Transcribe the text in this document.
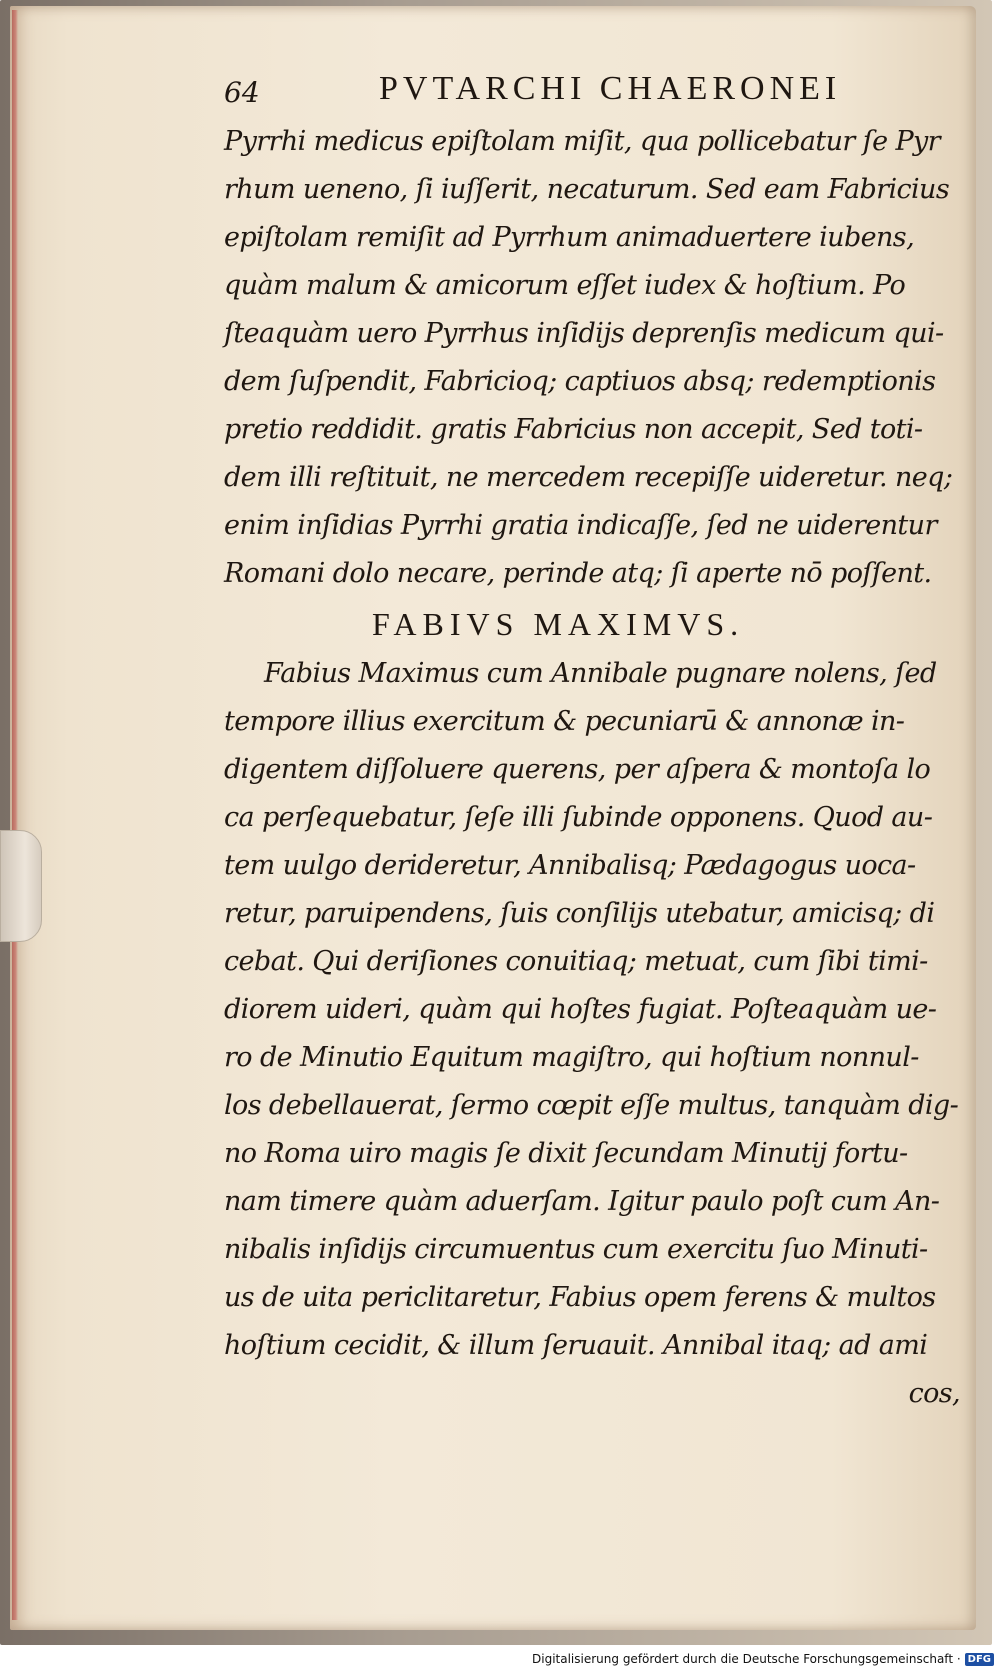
64	PVTARCHI CHAERONEI
Pyrrhi medicus epiſtolam miſit, qua pollicebatur ſe Pyr
rhum ueneno, ſi iuſſerit, necaturum. Sed eam Fabricius
epiſtolam remiſit ad Pyrrhum animaduertere iubens,
quàm malum & amicorum eſſet iudex & hoſtium. Po
ſteaquàm uero Pyrrhus inſidijs deprenſis medicum qui-
dem ſuſpendit, Fabricioq; captiuos absq; redemptionis
pretio reddidit. gratis Fabricius non accepit, Sed toti-
dem illi reſtituit, ne mercedem recepiſſe uideretur. neq;
enim inſidias Pyrrhi gratia indicaſſe, ſed ne uiderentur
Romani dolo necare, perinde atq; ſi aperte nō poſſent.
FABIVS MAXIMVS.
Fabius Maximus cum Annibale pugnare nolens, ſed
tempore illius exercitum & pecuniarū & annonæ in-
digentem diſſoluere querens, per aſpera & montoſa lo
ca perſequebatur, ſeſe illi ſubinde opponens. Quod au-
tem uulgo derideretur, Annibalisq; Pædagogus uoca-
retur, paruipendens, ſuis conſilijs utebatur, amicisq; di
cebat. Qui deriſiones conuitiaq; metuat, cum ſibi timi-
diorem uideri, quàm qui hoſtes fugiat. Poſteaquàm ue-
ro de Minutio Equitum magiſtro, qui hoſtium nonnul-
los debellauerat, ſermo cœpit eſſe multus, tanquàm dig-
no Roma uiro magis ſe dixit ſecundam Minutij fortu-
nam timere quàm aduerſam. Igitur paulo poſt cum An-
nibalis inſidijs circumuentus cum exercitu ſuo Minuti-
us de uita periclitaretur, Fabius opem ferens & multos
hoſtium cecidit, & illum ſeruauit. Annibal itaq; ad ami
cos,
Digitalisierung gefördert durch die Deutsche Forschungsgemeinschaft · DFG
